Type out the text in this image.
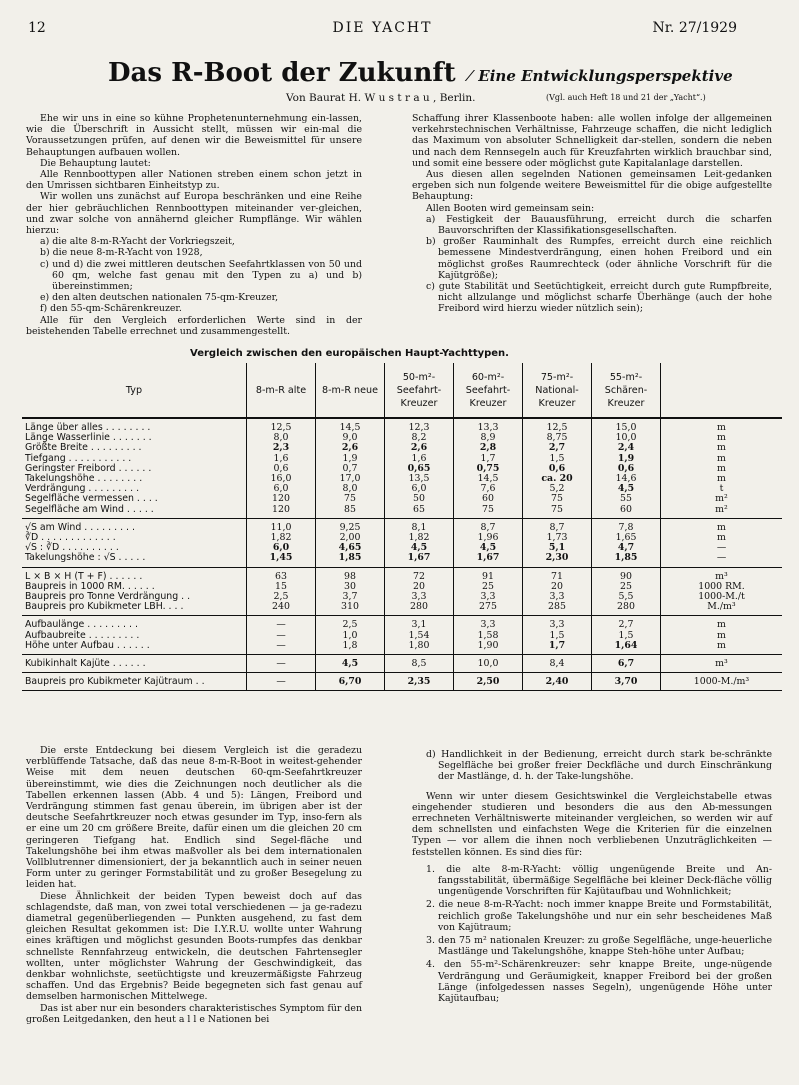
12	DIE YACHT	Nr. 27/1929
Das R-Boot der Zukunft ⁄ Eine Entwicklungsperspektive
Von Baurat H. W u s t r a u , Berlin.	(Vgl. auch Heft 18 und 21 der „Yacht“.)

Ehe wir uns in eine so kühne Prophetenunternehmung ein-lassen, wie die Überschrift in Aussicht stellt, müssen wir ein-mal die Voraussetzungen prüfen, auf denen wir die Beweismittel für unsere Behauptungen aufbauen wollen.

Die Behauptung lautet:

Alle Rennboottypen aller Nationen streben einem schon jetzt in den Umrissen sichtbaren Einheitstyp zu.

Wir wollen uns zunächst auf Europa beschränken und eine Reihe der hier gebräuchlichen Rennboottypen miteinander ver-gleichen, und zwar solche von annähernd gleicher Rumpflänge. Wir wählen hierzu:

a) die alte 8-m-R-Yacht der Vorkriegszeit,

b) die neue 8-m-R-Yacht von 1928,

c) und d) die zwei mittleren deutschen Seefahrtklassen von 50 und 60 qm, welche fast genau mit den Typen zu a) und b) übereinstimmen;

e) den alten deutschen nationalen 75-qm-Kreuzer,

f) den 55-qm-Schärenkreuzer.

Alle für den Vergleich erforderlichen Werte sind in der beistehenden Tabelle errechnet und zusammengestellt.

Schaffung ihrer Klassenboote haben: alle wollen infolge der allgemeinen verkehrstechnischen Verhältnisse, Fahrzeuge schaffen, die nicht lediglich das Maximum von absoluter Schnelligkeit dar-stellen, sondern die neben und nach dem Rennsegeln auch für Kreuzfahrten wirklich brauchbar sind, und somit eine bessere oder möglichst gute Kapitalanlage darstellen.

Aus diesen allen segelnden Nationen gemeinsamen Leit-gedanken ergeben sich nun folgende weitere Beweismittel für die obige aufgestellte Behauptung:

Allen Booten wird gemeinsam sein:

a) Festigkeit der Bauausführung, erreicht durch die scharfen Bauvorschriften der Klassifikationsgesellschaften.

b) großer Rauminhalt des Rumpfes, erreicht durch eine reichlich bemessene Mindestverdrängung, einen hohen Freibord und ein möglichst großes Raumrechteck (oder ähnliche Vorschrift für die Kajütgröße);

c) gute Stabilität und Seetüchtigkeit, erreicht durch gute Rumpfbreite, nicht allzulange und möglichst scharfe Überhänge (auch der hohe Freibord wird hierzu wieder nützlich sein);

Vergleich zwischen den europäischen Haupt-Yachttypen.
Typ	8-m-R alte	8-m-R neue	50-m²- Seefahrt- Kreuzer	60-m²- Seefahrt- Kreuzer	75-m²- National- Kreuzer	55-m²- Schären- Kreuzer	
Länge über alles . . . . . . . .	12,5	14,5	12,3	13,3	12,5	15,0	m
Länge Wasserlinie . . . . . . .	8,0	9,0	8,2	8,9	8,75	10,0	m
Größte Breite . . . . . . . . .	2,3	2,6	2,6	2,8	2,7	2,4	m
Tiefgang . . . . . . . . . . .	1,6	1,9	1,6	1,7	1,5	1,9	m
Geringster Freibord . . . . . .	0,6	0,7	0,65	0,75	0,6	0,6	m
Takelungshöhe . . . . . . . .	16,0	17,0	13,5	14,5	ca. 20	14,6	m
Verdrängung . . . . . . . . .	6,0	8,0	6,0	7,6	5,2	4,5	t
Segelfläche vermessen . . . .	120	75	50	60	75	55	m²
Segelfläche am Wind . . . . .	120	85	65	75	75	60	m²
√S am Wind . . . . . . . . .	11,0	9,25	8,1	8,7	8,7	7,8	m
∛D . . . . . . . . . . . . .	1,82	2,00	1,82	1,96	1,73	1,65	m
√S : ∛D . . . . . . . . . .	6,0	4,65	4,5	4,5	5,1	4,7	—
Takelungshöhe : √S . . . . .	1,45	1,85	1,67	1,67	2,30	1,85	—
L × B × H (T + F) . . . . . .	63	98	72	91	71	90	m³
Baupreis in 1000 RM. . . . . .	15	30	20	25	20	25	1000 RM.
Baupreis pro Tonne Verdrängung . .	2,5	3,7	3,3	3,3	3,3	5,5	1000-M./t
Baupreis pro Kubikmeter LBH. . . .	240	310	280	275	285	280	M./m³
Aufbaulänge . . . . . . . . .	—	2,5	3,1	3,3	3,3	2,7	m
Aufbaubreite . . . . . . . . .	—	1,0	1,54	1,58	1,5	1,5	m
Höhe unter Aufbau . . . . . .	—	1,8	1,80	1,90	1,7	1,64	m
Kubikinhalt Kajüte . . . . . .	—	4,5	8,5	10,0	8,4	6,7	m³
Baupreis pro Kubikmeter Kajütraum . .	—	6,70	2,35	2,50	2,40	3,70	1000-M./m³

Die erste Entdeckung bei diesem Vergleich ist die geradezu verblüffende Tatsache, daß das neue 8-m-R-Boot in weitest-gehender Weise mit dem neuen deutschen 60-qm-Seefahrtkreuzer übereinstimmt, wie dies die Zeichnungen noch deutlicher als die Tabellen erkennen lassen (Abb. 4 und 5): Längen, Freibord und Verdrängung stimmen fast genau überein, im übrigen aber ist der deutsche Seefahrtkreuzer noch etwas gesunder im Typ, inso-fern als er eine um 20 cm größere Breite, dafür einen um die gleichen 20 cm geringeren Tiefgang hat. Endlich sind Segel-fläche und Takelungshöhe bei ihm etwas maßvoller als bei dem internationalen Vollblutrenner dimensioniert, der ja bekanntlich auch in seiner neuen Form unter zu geringer Formstabilität und zu großer Besegelung zu leiden hat.

Diese Ähnlichkeit der beiden Typen beweist doch auf das schlagendste, daß man, von zwei total verschiedenen — ja ge-radezu diametral gegenüberliegenden — Punkten ausgehend, zu fast dem gleichen Resultat gekommen ist: Die I.Y.R.U. wollte unter Wahrung eines kräftigen und möglichst gesunden Boots-rumpfes das denkbar schnellste Rennfahrzeug entwickeln, die deutschen Fahrtensegler wollten, unter möglichster Wahrung der Geschwindigkeit, das denkbar wohnlichste, seetüchtigste und kreuzermäßigste Fahrzeug schaffen. Und das Ergebnis? Beide begegneten sich fast genau auf demselben harmonischen Mittelwege.

Das ist aber nur ein besonders charakteristisches Symptom für den großen Leitgedanken, den heut a l l e Nationen bei

d) Handlichkeit in der Bedienung, erreicht durch stark be-schränkte Segelfläche bei großer freier Deckfläche und durch Einschränkung der Mastlänge, d. h. der Take-lungshöhe.

Wenn wir unter diesem Gesichtswinkel die Vergleichstabelle etwas eingehender studieren und besonders die aus den Ab-messungen errechneten Verhältniswerte miteinander vergleichen, so werden wir auf dem schnellsten und einfachsten Wege die Kriterien für die einzelnen Typen — vor allem die ihnen noch verbliebenen Unzuträglichkeiten — feststellen können. Es sind dies für:

1. die alte 8-m-R-Yacht: völlig ungenügende Breite und An-fangsstabilität, übermäßige Segelfläche bei kleiner Deck-fläche völlig ungenügende Vorschriften für Kajütaufbau und Wohnlichkeit;

2. die neue 8-m-R-Yacht: noch immer knappe Breite und Formstabilität, reichlich große Takelungshöhe und nur ein sehr bescheidenes Maß von Kajütraum;

3. den 75 m² nationalen Kreuzer: zu große Segelfläche, unge-heuerliche Mastlänge und Takelungshöhe, knappe Steh-höhe unter Aufbau;

4. den 55-m²-Schärenkreuzer: sehr knappe Breite, unge-nügende Verdrängung und Geräumigkeit, knapper Freibord bei der großen Länge (infolgedessen nasses Segeln), ungenügende Höhe unter Kajütaufbau;
